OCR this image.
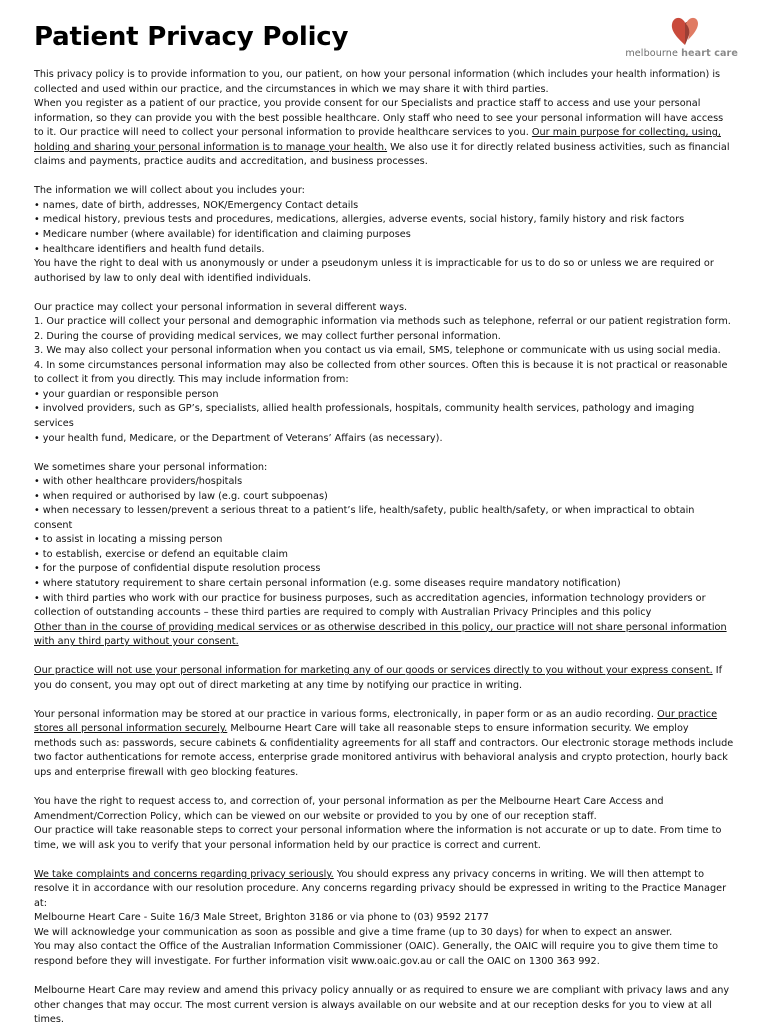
Patient Privacy Policy
melbourne heart care

This privacy policy is to provide information to you, our patient, on how your personal information (which includes your health information) is collected and used within our practice, and the circumstances in which we may share it with third parties.

When you register as a patient of our practice, you provide consent for our Specialists and practice staff to access and use your personal information, so they can provide you with the best possible healthcare. Only staff who need to see your personal information will have access to it. Our practice will need to collect your personal information to provide healthcare services to you. Our main purpose for collecting, using, holding and sharing your personal information is to manage your health. We also use it for directly related business activities, such as financial claims and payments, practice audits and accreditation, and business processes.

The information we will collect about you includes your:

• names, date of birth, addresses, NOK/Emergency Contact details

• medical history, previous tests and procedures, medications, allergies, adverse events, social history, family history and risk factors

• Medicare number (where available) for identification and claiming purposes

• healthcare identifiers and health fund details.

You have the right to deal with us anonymously or under a pseudonym unless it is impracticable for us to do so or unless we are required or authorised by law to only deal with identified individuals.

Our practice may collect your personal information in several different ways.

1. Our practice will collect your personal and demographic information via methods such as telephone, referral or our patient registration form.

2. During the course of providing medical services, we may collect further personal information.

3. We may also collect your personal information when you contact us via email, SMS, telephone or communicate with us using social media.

4. In some circumstances personal information may also be collected from other sources. Often this is because it is not practical or reasonable to collect it from you directly. This may include information from:

• your guardian or responsible person

• involved providers, such as GP’s, specialists, allied health professionals, hospitals, community health services, pathology and imaging services

• your health fund, Medicare, or the Department of Veterans’ Affairs (as necessary).

We sometimes share your personal information:

• with other healthcare providers/hospitals

• when required or authorised by law (e.g. court subpoenas)

• when necessary to lessen/prevent a serious threat to a patient’s life, health/safety, public health/safety, or when impractical to obtain consent

• to assist in locating a missing person

• to establish, exercise or defend an equitable claim

• for the purpose of confidential dispute resolution process

• where statutory requirement to share certain personal information (e.g. some diseases require mandatory notification)

• with third parties who work with our practice for business purposes, such as accreditation agencies, information technology providers or collection of outstanding accounts – these third parties are required to comply with Australian Privacy Principles and this policy

Other than in the course of providing medical services or as otherwise described in this policy, our practice will not share personal information with any third party without your consent.

Our practice will not use your personal information for marketing any of our goods or services directly to you without your express consent. If you do consent, you may opt out of direct marketing at any time by notifying our practice in writing.

Your personal information may be stored at our practice in various forms, electronically, in paper form or as an audio recording. Our practice stores all personal information securely. Melbourne Heart Care will take all reasonable steps to ensure information security. We employ methods such as: passwords, secure cabinets & confidentiality agreements for all staff and contractors. Our electronic storage methods include two factor authentications for remote access, enterprise grade monitored antivirus with behavioral analysis and crypto protection, hourly back ups and enterprise firewall with geo blocking features.

You have the right to request access to, and correction of, your personal information as per the Melbourne Heart Care Access and Amendment/Correction Policy, which can be viewed on our website or provided to you by one of our reception staff.

Our practice will take reasonable steps to correct your personal information where the information is not accurate or up to date. From time to time, we will ask you to verify that your personal information held by our practice is correct and current.

We take complaints and concerns regarding privacy seriously. You should express any privacy concerns in writing. We will then attempt to resolve it in accordance with our resolution procedure. Any concerns regarding privacy should be expressed in writing to the Practice Manager at:

Melbourne Heart Care - Suite 16/3 Male Street, Brighton 3186 or via phone to (03) 9592 2177

We will acknowledge your communication as soon as possible and give a time frame (up to 30 days) for when to expect an answer.

You may also contact the Office of the Australian Information Commissioner (OAIC). Generally, the OAIC will require you to give them time to respond before they will investigate. For further information visit www.oaic.gov.au or call the OAIC on 1300 363 992.

Melbourne Heart Care may review and amend this privacy policy annually or as required to ensure we are compliant with privacy laws and any other changes that may occur. The most current version is always available on our website and at our reception desks for you to view at all times.
